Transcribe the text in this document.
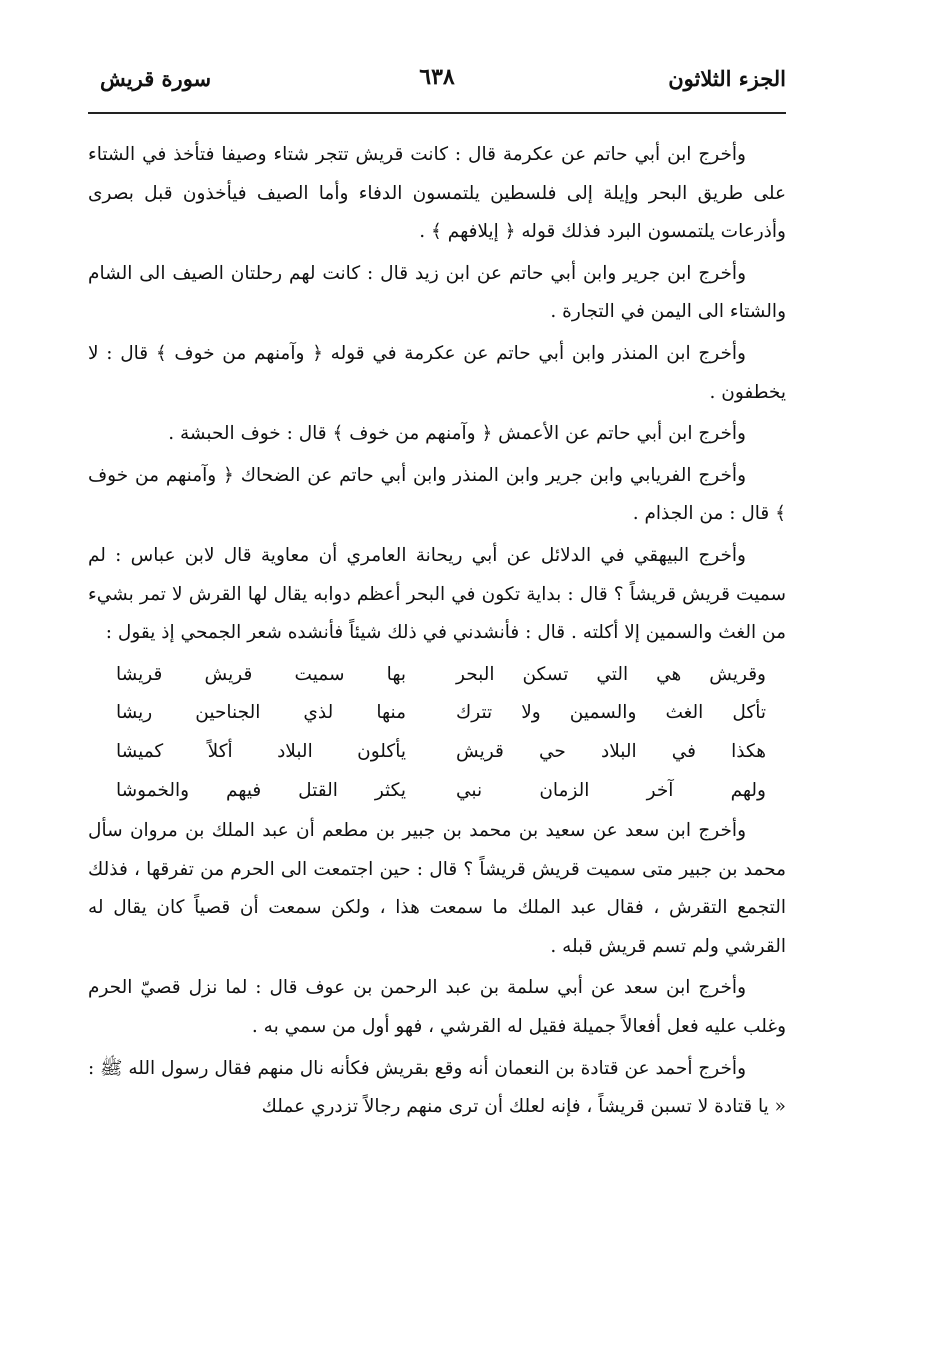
الجزء الثلاثون
٦٣٨
سورة قريش

وأخرج ابن أبي حاتم عن عكرمة قال : كانت قريش تتجر شتاء وصيفا فتأخذ في الشتاء على طريق البحر وإيلة إلى فلسطين يلتمسون الدفاء وأما الصيف فيأخذون قبل بصرى وأذرعات يلتمسون البرد فذلك قوله ﴿ إيلافهم ﴾ .

وأخرج ابن جرير وابن أبي حاتم عن ابن زيد قال : كانت لهم رحلتان الصيف الى الشام والشتاء الى اليمن في التجارة .

وأخرج ابن المنذر وابن أبي حاتم عن عكرمة في قوله ﴿ وآمنهم من خوف ﴾ قال : لا يخطفون .

وأخرج ابن أبي حاتم عن الأعمش ﴿ وآمنهم من خوف ﴾ قال : خوف الحبشة .

وأخرج الفريابي وابن جرير وابن المنذر وابن أبي حاتم عن الضحاك ﴿ وآمنهم من خوف ﴾ قال : من الجذام .

وأخرج البيهقي في الدلائل عن أبي ريحانة العامري أن معاوية قال لابن عباس : لم سميت قريش قريشاً ؟ قال : بداية تكون في البحر أعظم دوابه يقال لها القرش لا تمر بشيء من الغث والسمين إلا أكلته . قال : فأنشدني في ذلك شيئاً فأنشده شعر الجمحي إذ يقول :

وقريش هي التي تسكن البحر
بها سميت قريش قريشا
تأكل الغث والسمين ولا تترك
منها لذي الجناحين ريشا
هكذا في البلاد حي قريش
يأكلون البلاد أكلاً كميشا
ولهم آخر الزمان نبي
يكثر القتل فيهم والخموشا

وأخرج ابن سعد عن سعيد بن محمد بن جبير بن مطعم أن عبد الملك بن مروان سأل محمد بن جبير متى سميت قريش قريشاً ؟ قال : حين اجتمعت الى الحرم من تفرقها ، فذلك التجمع التقرش ، فقال عبد الملك ما سمعت هذا ، ولكن سمعت أن قصياً كان يقال له القرشي ولم تسم قريش قبله .

وأخرج ابن سعد عن أبي سلمة بن عبد الرحمن بن عوف قال : لما نزل قصيّ الحرم وغلب عليه فعل أفعالاً جميلة فقيل له القرشي ، فهو أول من سمي به .

وأخرج أحمد عن قتادة بن النعمان أنه وقع بقريش فكأنه نال منهم فقال رسول الله ﷺ : « يا قتادة لا تسبن قريشاً ، فإنه لعلك أن ترى منهم رجالاً تزدري عملك
